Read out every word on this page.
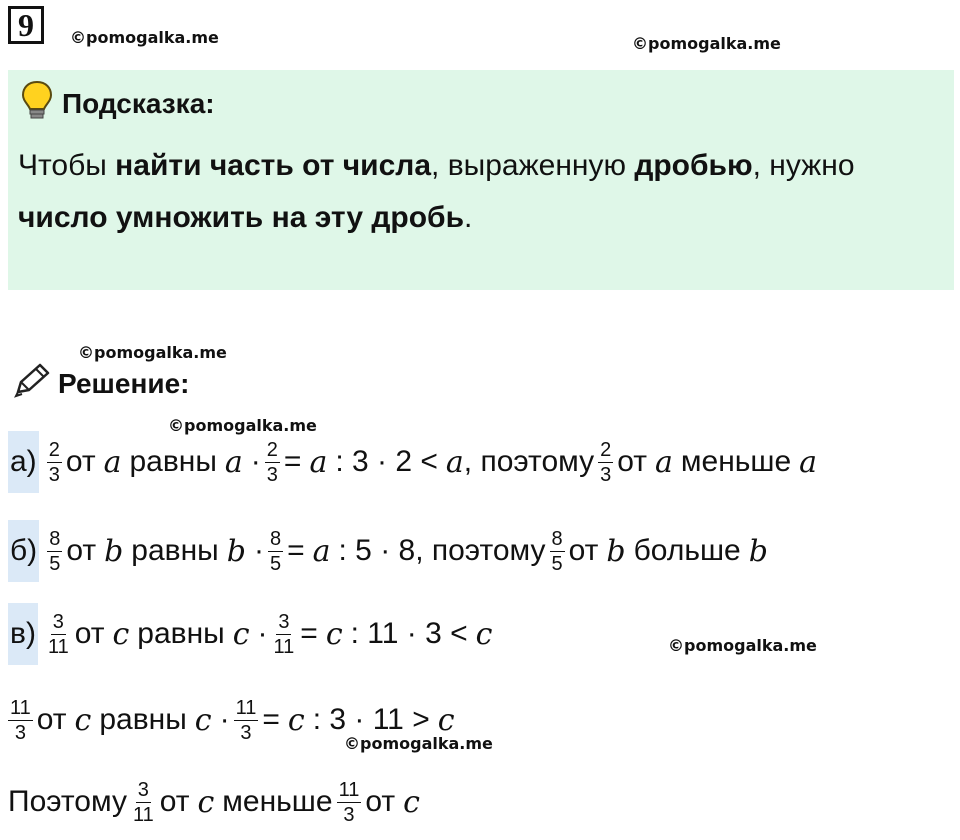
9	©pomogalka.me	©pomogalka.me
Подсказка:
Чтобы найти часть от числа, выраженную дробью, нужно
число умножить на эту дробь.
©pomogalka.me
Решение:
©pomogalka.me
$а) \frac{2}{3}$ от a равны $a \cdot \frac{2}{3} = a$ : 3 · 2 < a , поэтому $\frac{2}{3}$ от a меньше a
$б) \frac{8}{5}$ от b равны $b \cdot \frac{8}{5} = a$ : 5 · 8, поэтому $\frac{8}{5}$ от b больше b
$в) \frac{3}{11}$ от c равны $c \cdot \frac{3}{11} = c$ : 11 · 3 < c	©pomogalka.me
$\frac{11}{3}$ от c равны $c \cdot \frac{11}{3} = c$ : 3 · 11 > c
©pomogalka.me
Поэтому $\frac{3}{11}$ от c меньше $\frac{11}{3}$ от c
